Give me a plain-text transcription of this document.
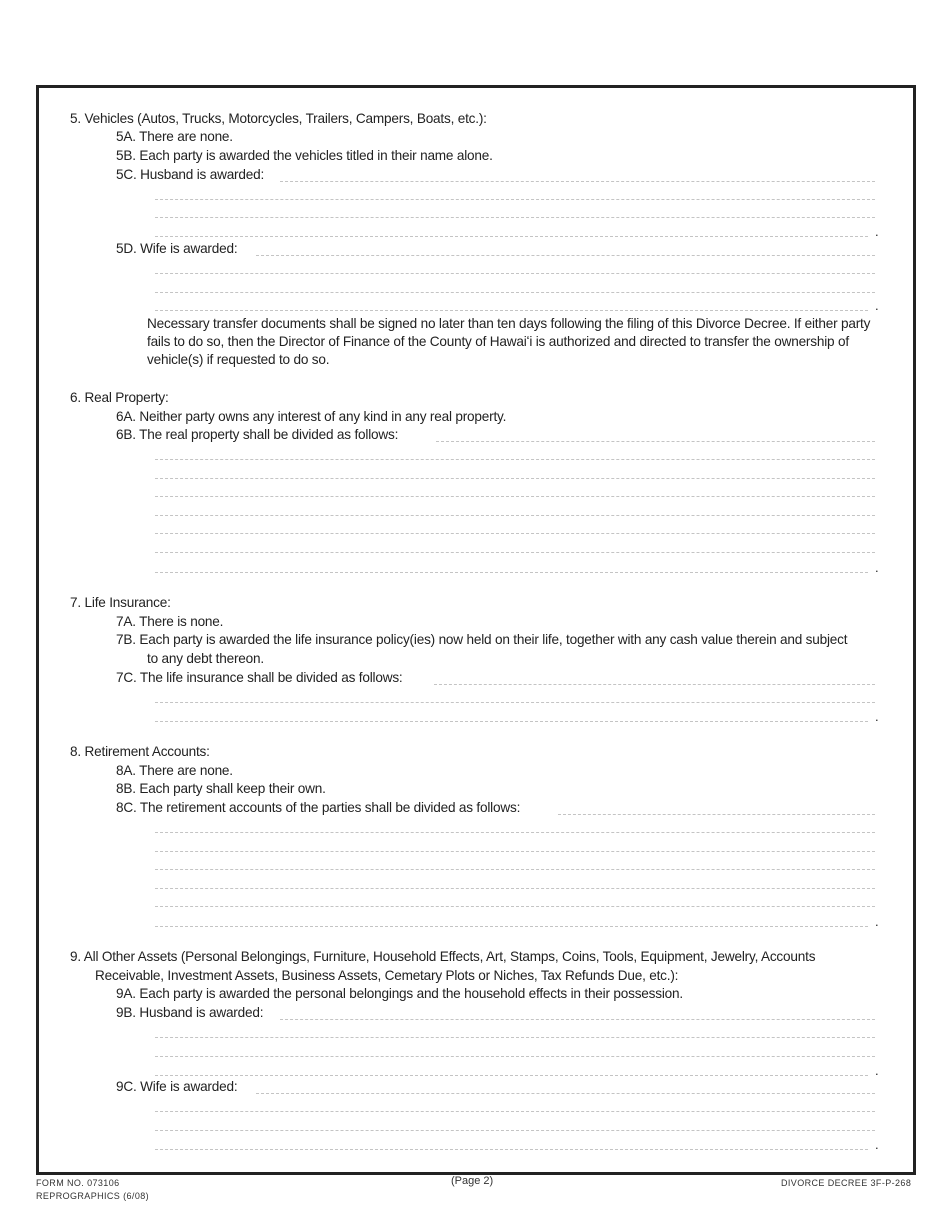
5. Vehicles (Autos, Trucks, Motorcycles, Trailers, Campers, Boats, etc.):
5A. There are none.
5B. Each party is awarded the vehicles titled in their name alone.
5C. Husband is awarded:
.
5D. Wife is awarded:
.
Necessary transfer documents shall be signed no later than ten days following the filing of this Divorce Decree. If either party fails to do so, then the Director of Finance of the County of Hawaiʻi is authorized and directed to transfer the ownership of vehicle(s) if requested to do so.
6. Real Property:
6A. Neither party owns any interest of any kind in any real property.
6B. The real property shall be divided as follows:
.
7. Life Insurance:
7A. There is none.
7B. Each party is awarded the life insurance policy(ies) now held on their life, together with any cash value therein and subject
to any debt thereon.
7C. The life insurance shall be divided as follows:
.
8. Retirement Accounts:
8A. There are none.
8B. Each party shall keep their own.
8C. The retirement accounts of the parties shall be divided as follows:
.
9. All Other Assets (Personal Belongings, Furniture, Household Effects, Art, Stamps, Coins, Tools, Equipment, Jewelry, Accounts
Receivable, Investment Assets, Business Assets, Cemetary Plots or Niches, Tax Refunds Due, etc.):
9A. Each party is awarded the personal belongings and the household effects in their possession.
9B. Husband is awarded:
.
9C. Wife is awarded:
.
FORM NO. 073106
REPROGRAPHICS (6/08)
(Page 2)	DIVORCE DECREE 3F-P-268
